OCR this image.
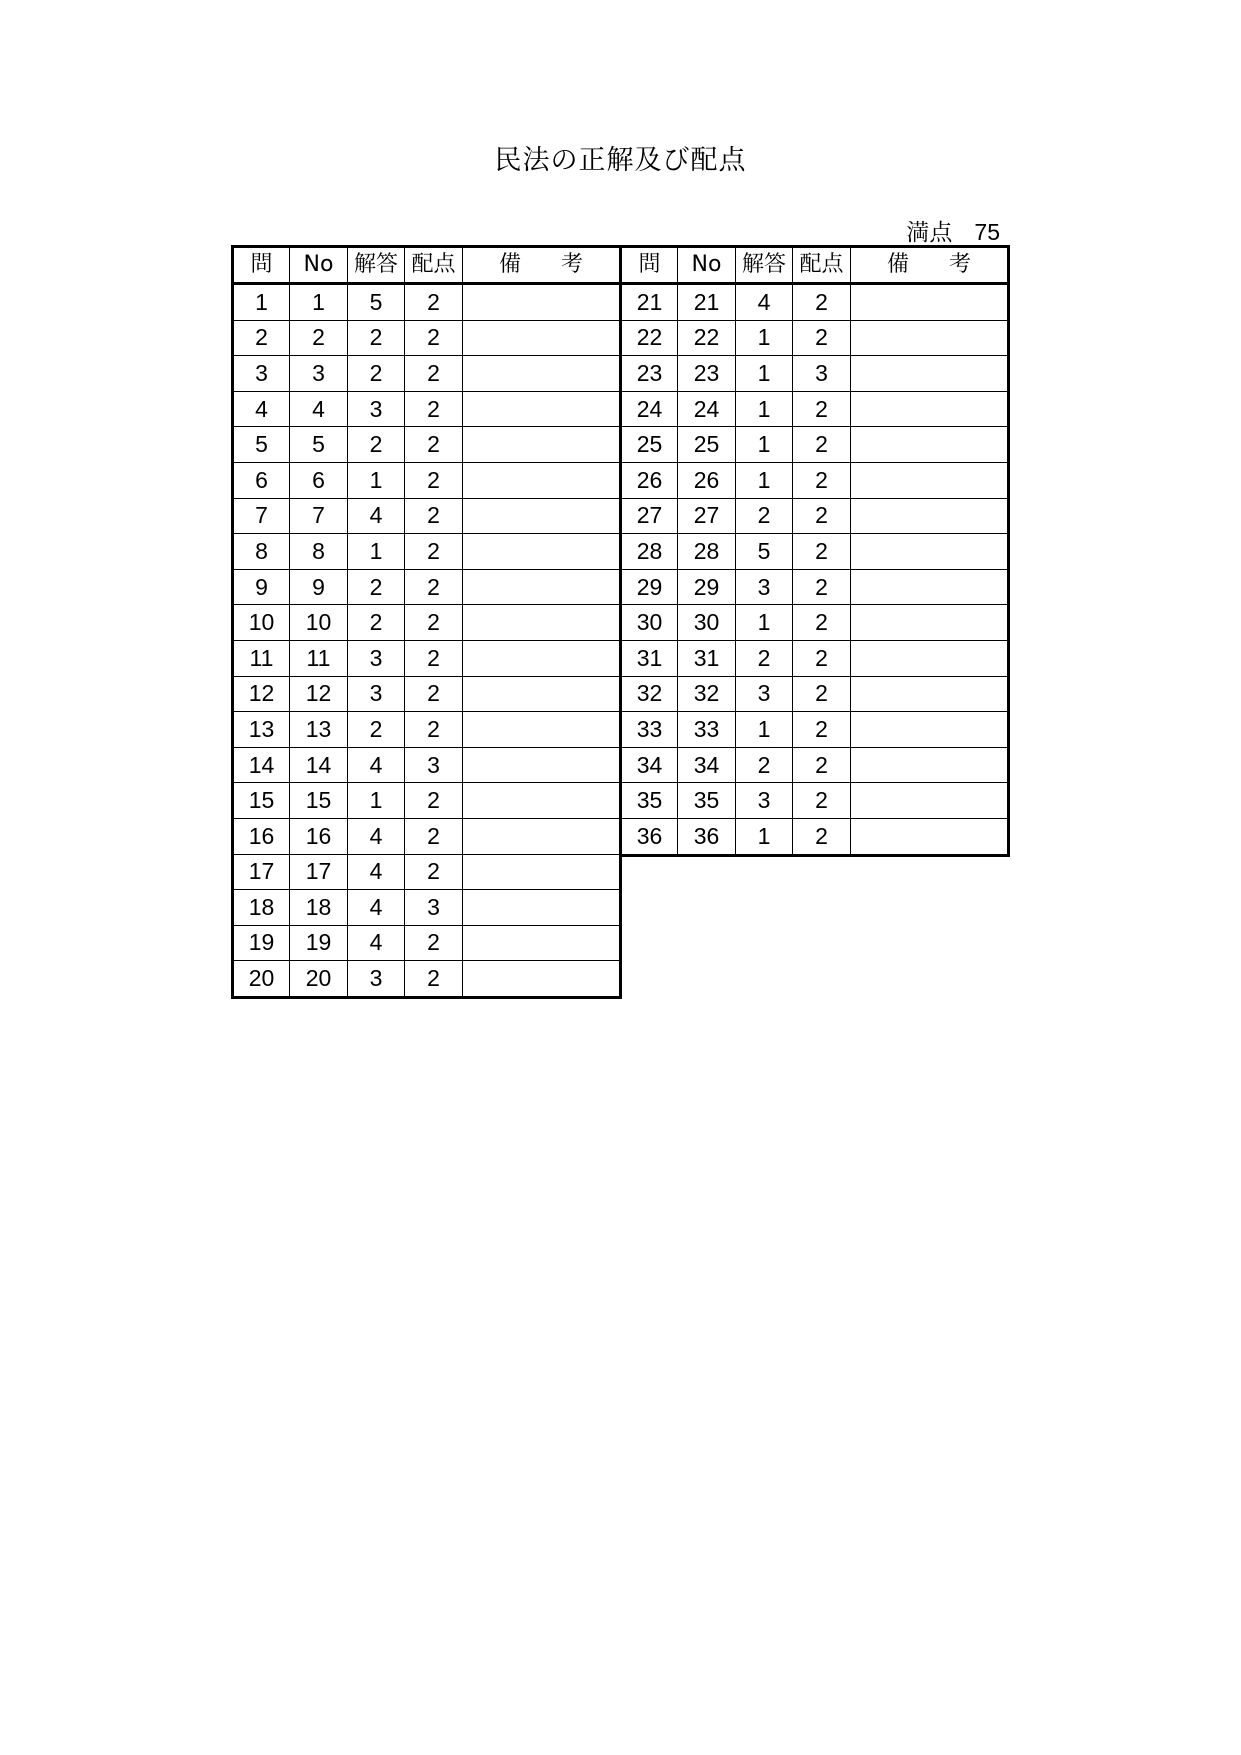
民法の正解及び配点
満点 75
問	No	解答	配点	備 考
1	1	5	2	
2	2	2	2	
3	3	2	2	
4	4	3	2	
5	5	2	2	
6	6	1	2	
7	7	4	2	
8	8	1	2	
9	9	2	2	
10	10	2	2	
11	11	3	2	
12	12	3	2	
13	13	2	2	
14	14	4	3	
15	15	1	2	
16	16	4	2	
17	17	4	2	
18	18	4	3	
19	19	4	2	
20	20	3	2	
問	No	解答	配点	備 考
21	21	4	2	
22	22	1	2	
23	23	1	3	
24	24	1	2	
25	25	1	2	
26	26	1	2	
27	27	2	2	
28	28	5	2	
29	29	3	2	
30	30	1	2	
31	31	2	2	
32	32	3	2	
33	33	1	2	
34	34	2	2	
35	35	3	2	
36	36	1	2	
